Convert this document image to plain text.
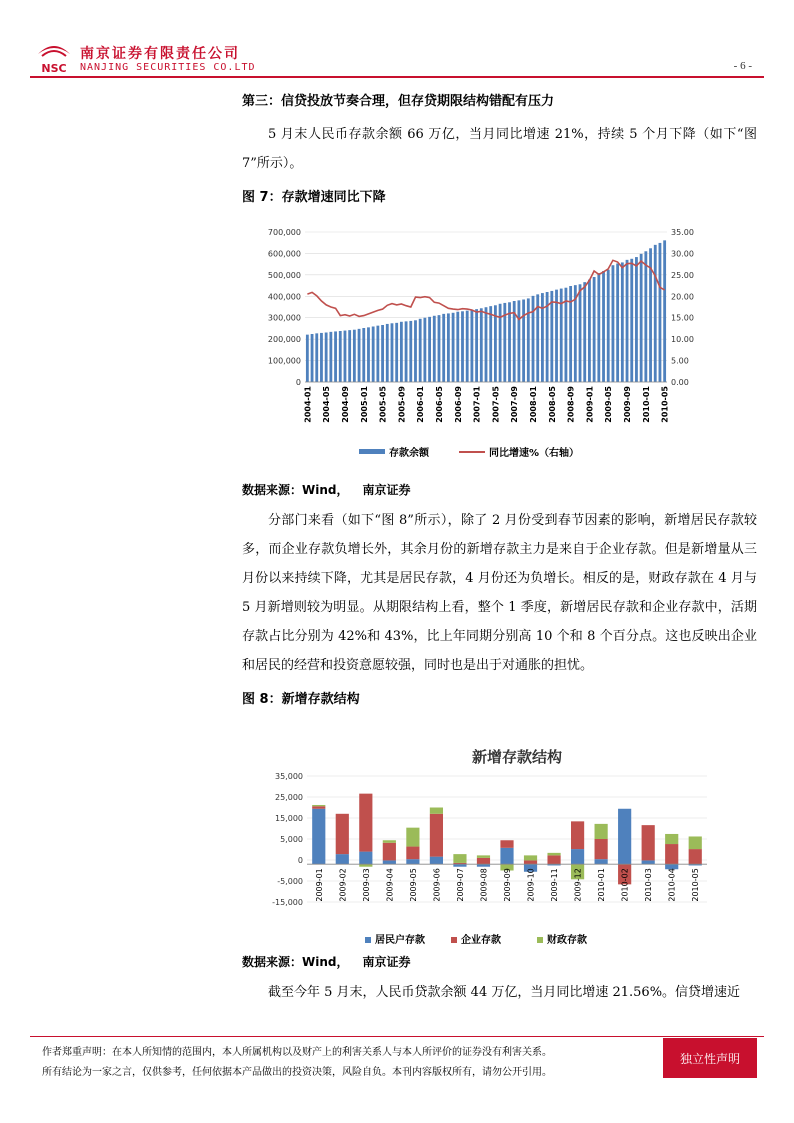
NSC
南京证券有限责任公司
NANJING SECURITIES CO.LTD	- 6 -
第三：信贷投放节奏合理，但存贷期限结构错配有压力

5 月末人民币存款余额 66 万亿，当月同比增速 21%，持续 5 个月下降（如下“图 7”所示）。

图 7：存款增速同比下降
数据来源：Wind， 南京证券

分部门来看（如下“图 8”所示），除了 2 月份受到春节因素的影响，新增居民存款较多，而企业存款负增长外，其余月份的新增存款主力是来自于企业存款。但是新增量从三月份以来持续下降，尤其是居民存款，4 月份还为负增长。相反的是，财政存款在 4 月与 5 月新增则较为明显。从期限结构上看，整个 1 季度，新增居民存款和企业存款中，活期存款占比分别为 42%和 43%，比上年同期分别高 10 个和 8 个百分点。这也反映出企业和居民的经营和投资意愿较强，同时也是出于对通胀的担忧。

图 8：新增存款结构
数据来源：Wind， 南京证券

截至今年 5 月末，人民币贷款余额 44 万亿，当月同比增速 21.56%。信贷增速近

700,000	35.00
600,000	30.00
500,000	25.00
400,000	20.00
300,000	15.00
200,000	10.00
100,000	5.00
0	0.00
2004-01 2004-05 2004-09 2005-01 2005-05 2005-09 2006-01 2006-05 2006-09 2007-01 2007-05 2007-09 2008-01 2008-05 2008-09 2009-01 2009-05 2009-09 2010-01 2010-05
存款余额	同比增速%（右轴）
新增存款结构
35,000
25,000
15,000
5,000
0
-5,000
-15,000
2009-01 2009-02 2009-03 2009-04 2009-05 2009-06 2009-07 2009-08 2009-09 2009-10 2009-11 2009-12 2010-01 2010-02 2010-03 2010-04 2010-05
居民户存款	企业存款	财政存款
作者郑重声明：在本人所知情的范围内，本人所属机构以及财产上的利害关系人与本人所评价的证券没有利害关系。
所有结论为一家之言，仅供参考，任何依据本产品做出的投资决策，风险自负。本刊内容版权所有，请勿公开引用。
独立性声明
